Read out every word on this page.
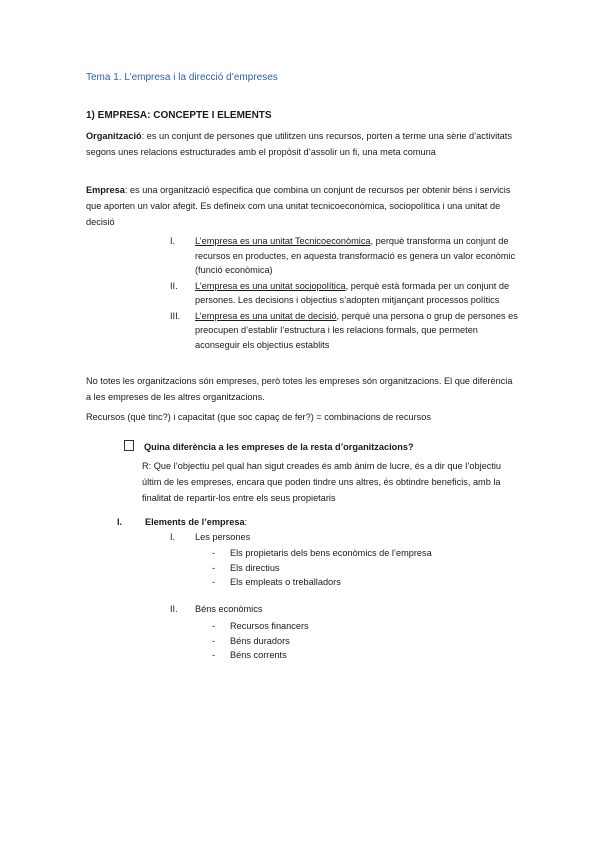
Tema 1. L’empresa i la direcció d’empreses

1) EMPRESA: CONCEPTE I ELEMENTS

Organització: es un conjunt de persones que utilitzen uns recursos, porten a terme una sèrie d’activitats segons unes relacions estructurades amb el propòsit d’assolir un fi, una meta comuna

Empresa: es una organització especifica que combina un conjunt de recursos per obtenir béns i servicis que aporten un valor afegit. Es defineix com una unitat tecnicoeconòmica, sociopolítica i una unitat de decisió

I.	L’empresa es una unitat Tecnicoeconòmica, perquè transforma un conjunt de recursos en productes, en aquesta transformació es genera un valor econòmic (funció econòmica)
II.	L’empresa es una unitat sociopolítica, perquè està formada per un conjunt de persones. Les decisions i objectius s’adopten mitjançant processos polítics
III.	L’empresa es una unitat de decisió, perquè una persona o grup de persones es preocupen d’establir l’estructura i les relacions formals, que permeten aconseguir els objectius establits

No totes les organitzacions són empreses, però totes les empreses són organitzacions. El que diferència a les empreses de les altres organitzacions.

Recursos (què tinc?) i capacitat (que soc capaç de fer?) = combinacions de recursos

Quina diferència a les empreses de la resta d’organitzacions?

R: Que l’objectiu pel qual han sigut creades és amb ànim de lucre, és a dir que l’objectiu últim de les empreses, encara que poden tindre uns altres, és obtindre beneficis, amb la finalitat de repartir-los entre els seus propietaris

I. Elements de l’empresa:
I. Les persones
- Els propietaris dels bens econòmics de l’empresa
- Els directius
- Els empleats o treballadors
II. Béns econòmics
- Recursos financers
- Béns duradors
- Béns corrents
